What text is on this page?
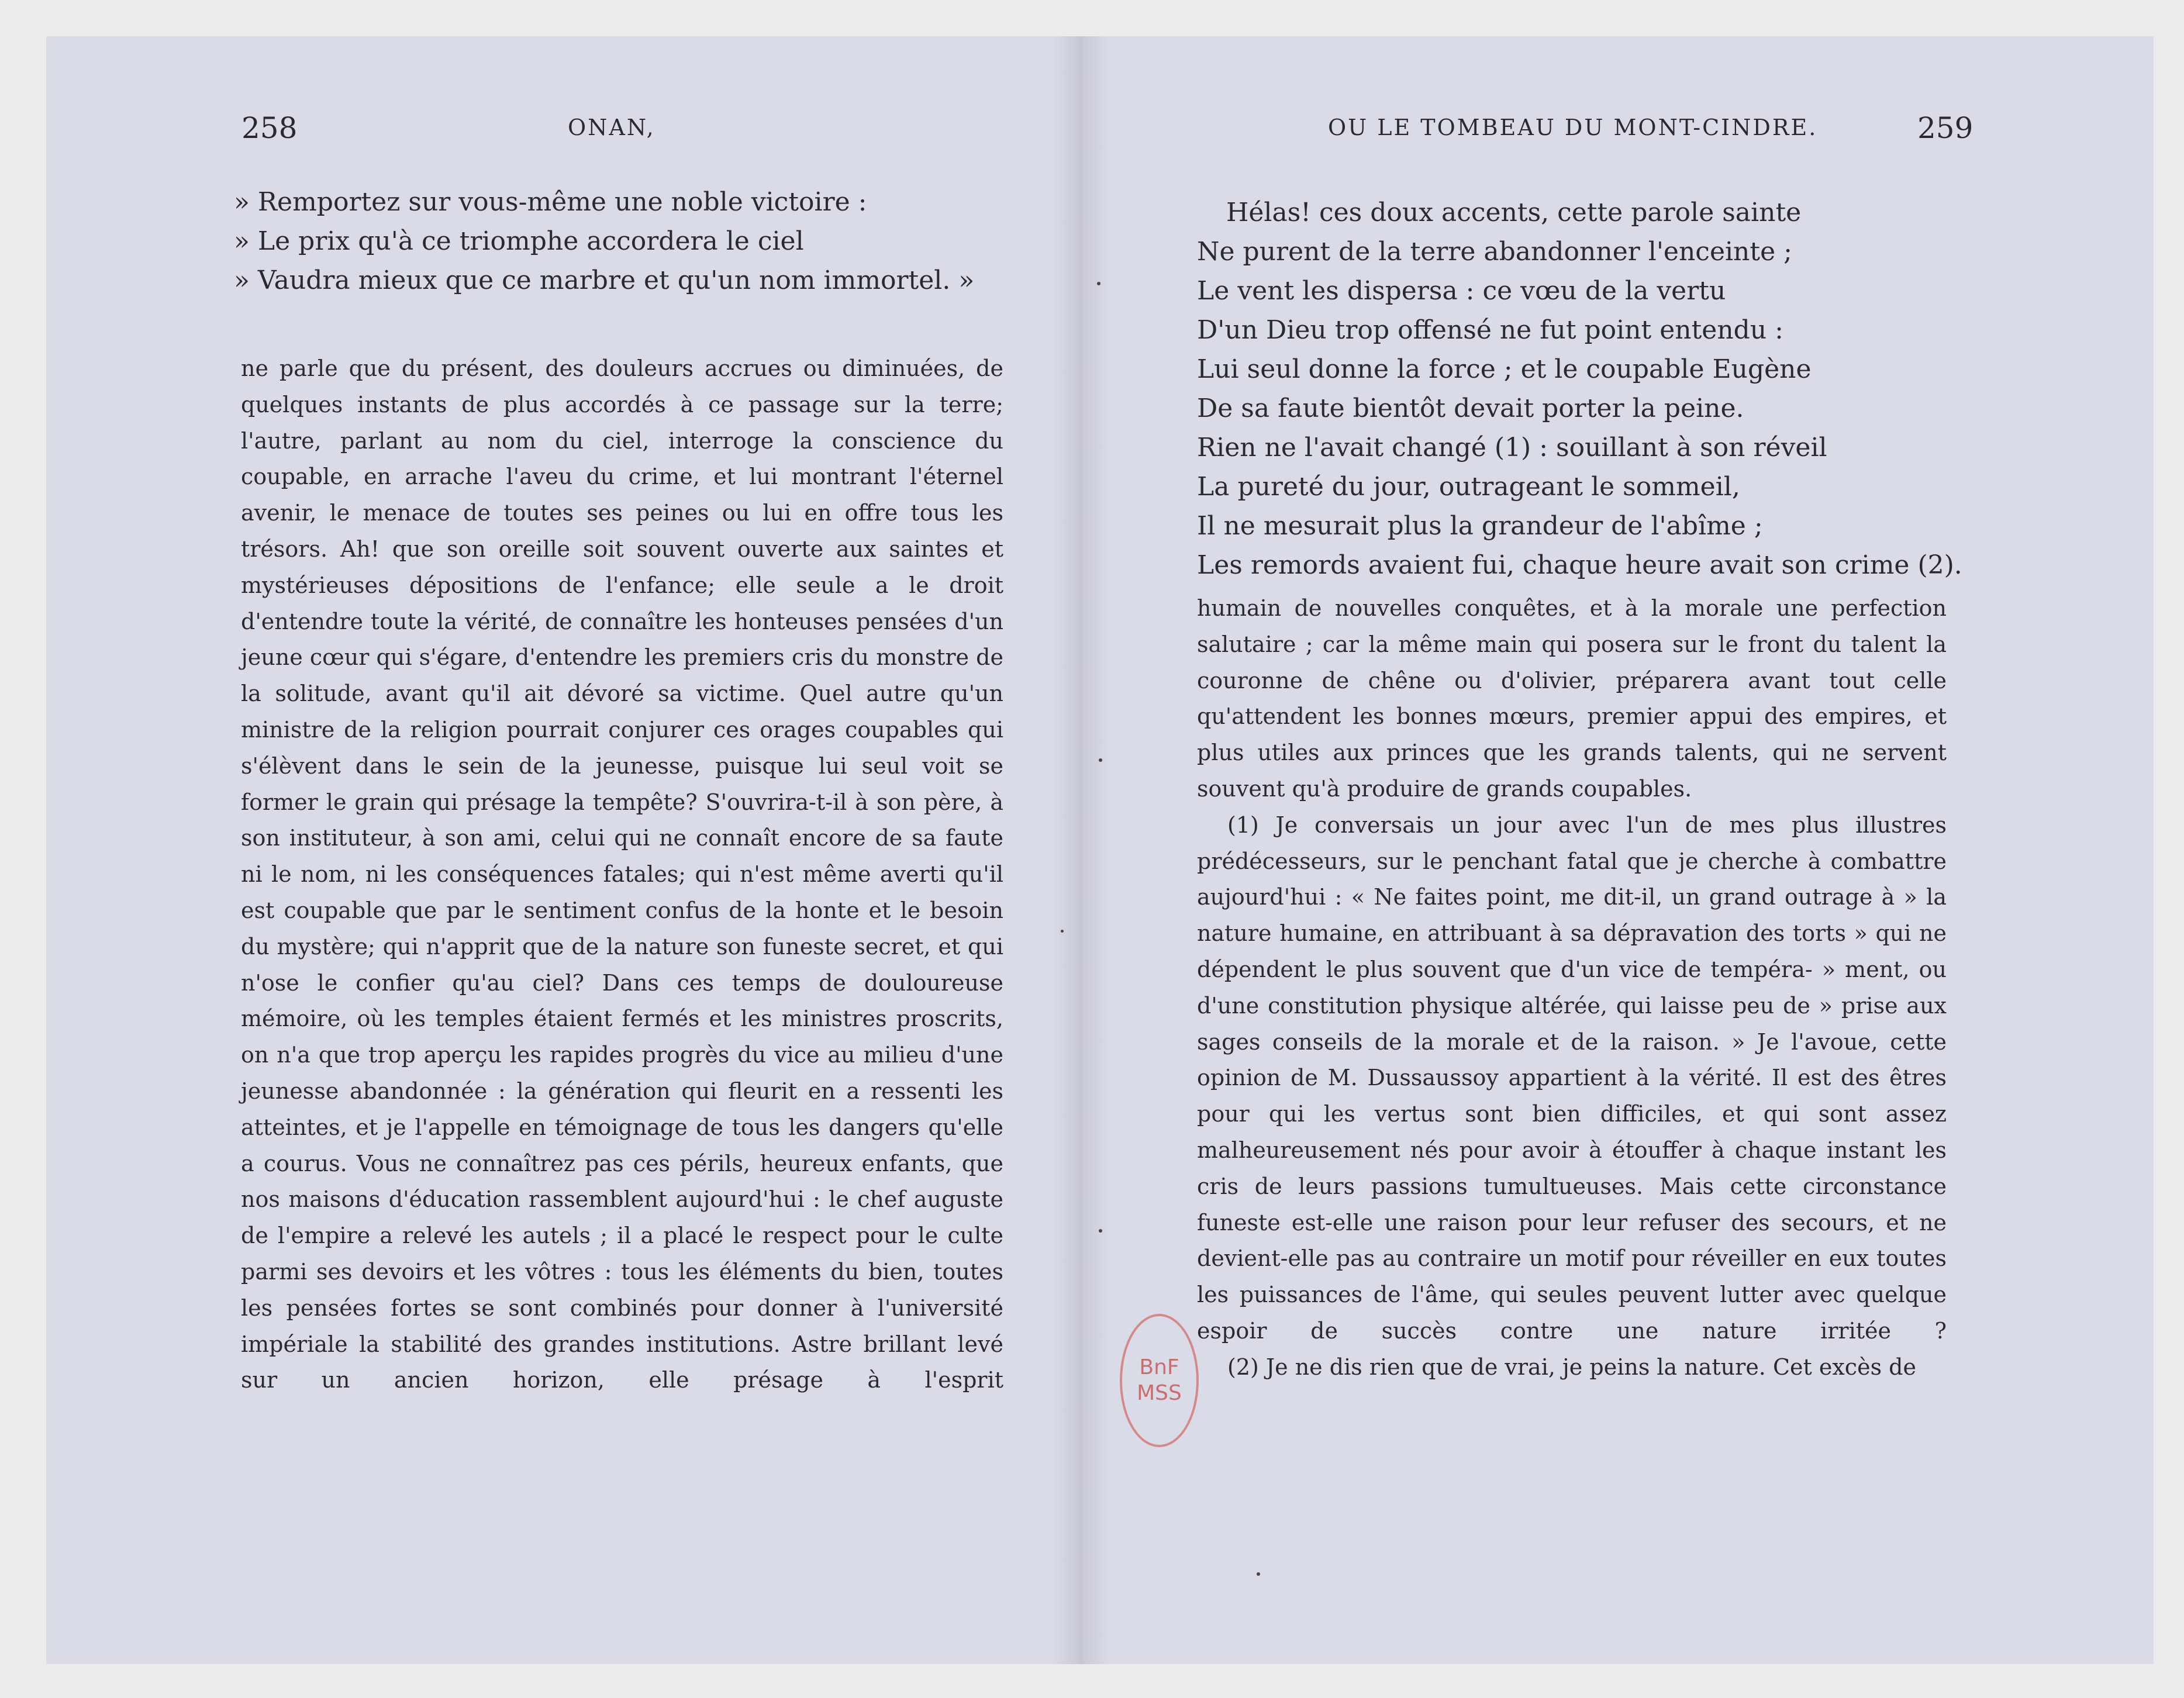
258	ONAN,
» Remportez sur vous-même une noble victoire :
» Le prix qu'à ce triomphe accordera le ciel
» Vaudra mieux que ce marbre et qu'un nom immortel. »

ne parle que du présent, des douleurs accrues ou diminuées, de quelques instants de plus accordés à ce passage sur la terre; l'autre, parlant au nom du ciel, interroge la conscience du coupable, en arrache l'aveu du crime, et lui montrant l'éternel avenir, le menace de toutes ses peines ou lui en offre tous les trésors. Ah! que son oreille soit souvent ouverte aux saintes et mystérieuses dépositions de l'enfance; elle seule a le droit d'entendre toute la vérité, de connaître les honteuses pensées d'un jeune cœur qui s'égare, d'entendre les premiers cris du monstre de la solitude, avant qu'il ait dévoré sa victime. Quel autre qu'un ministre de la religion pourrait conjurer ces orages coupables qui s'élèvent dans le sein de la jeunesse, puisque lui seul voit se former le grain qui présage la tempête? S'ouvrira-t-il à son père, à son instituteur, à son ami, celui qui ne connaît encore de sa faute ni le nom, ni les conséquences fatales; qui n'est même averti qu'il est coupable que par le sentiment confus de la honte et le besoin du mystère; qui n'apprit que de la nature son funeste secret, et qui n'ose le confier qu'au ciel? Dans ces temps de douloureuse mémoire, où les temples étaient fermés et les ministres proscrits, on n'a que trop aperçu les rapides progrès du vice au milieu d'une jeunesse abandonnée : la génération qui fleurit en a ressenti les atteintes, et je l'appelle en témoignage de tous les dangers qu'elle a courus. Vous ne connaîtrez pas ces périls, heureux enfants, que nos maisons d'éducation rassemblent aujourd'hui : le chef auguste de l'empire a relevé les autels ; il a placé le respect pour le culte parmi ses devoirs et les vôtres : tous les éléments du bien, toutes les pensées fortes se sont combinés pour donner à l'université impériale la stabilité des grandes institutions. Astre brillant levé sur un ancien horizon, elle présage à l'esprit

OU LE TOMBEAU DU MONT-CINDRE.	259
Hélas! ces doux accents, cette parole sainte
Ne purent de la terre abandonner l'enceinte ;
Le vent les dispersa : ce vœu de la vertu
D'un Dieu trop offensé ne fut point entendu :
Lui seul donne la force ; et le coupable Eugène
De sa faute bientôt devait porter la peine.
Rien ne l'avait changé (1) : souillant à son réveil
La pureté du jour, outrageant le sommeil,
Il ne mesurait plus la grandeur de l'abîme ;
Les remords avaient fui, chaque heure avait son crime (2).

humain de nouvelles conquêtes, et à la morale une perfection salutaire ; car la même main qui posera sur le front du talent la couronne de chêne ou d'olivier, préparera avant tout celle qu'attendent les bonnes mœurs, premier appui des empires, et plus utiles aux princes que les grands talents, qui ne servent souvent qu'à produire de grands coupables.

(1) Je conversais un jour avec l'un de mes plus illustres prédécesseurs, sur le penchant fatal que je cherche à combattre aujourd'hui : « Ne faites point, me dit-il, un grand outrage à » la nature humaine, en attribuant à sa dépravation des torts » qui ne dépendent le plus souvent que d'un vice de tempéra- » ment, ou d'une constitution physique altérée, qui laisse peu de » prise aux sages conseils de la morale et de la raison. » Je l'avoue, cette opinion de M. Dussaussoy appartient à la vérité. Il est des êtres pour qui les vertus sont bien difficiles, et qui sont assez malheureusement nés pour avoir à étouffer à chaque instant les cris de leurs passions tumultueuses. Mais cette circonstance funeste est-elle une raison pour leur refuser des secours, et ne devient-elle pas au contraire un motif pour réveiller en eux toutes les puissances de l'âme, qui seules peuvent lutter avec quelque espoir de succès contre une nature irritée ?

(2) Je ne dis rien que de vrai, je peins la nature. Cet excès de

BnF
MSS
